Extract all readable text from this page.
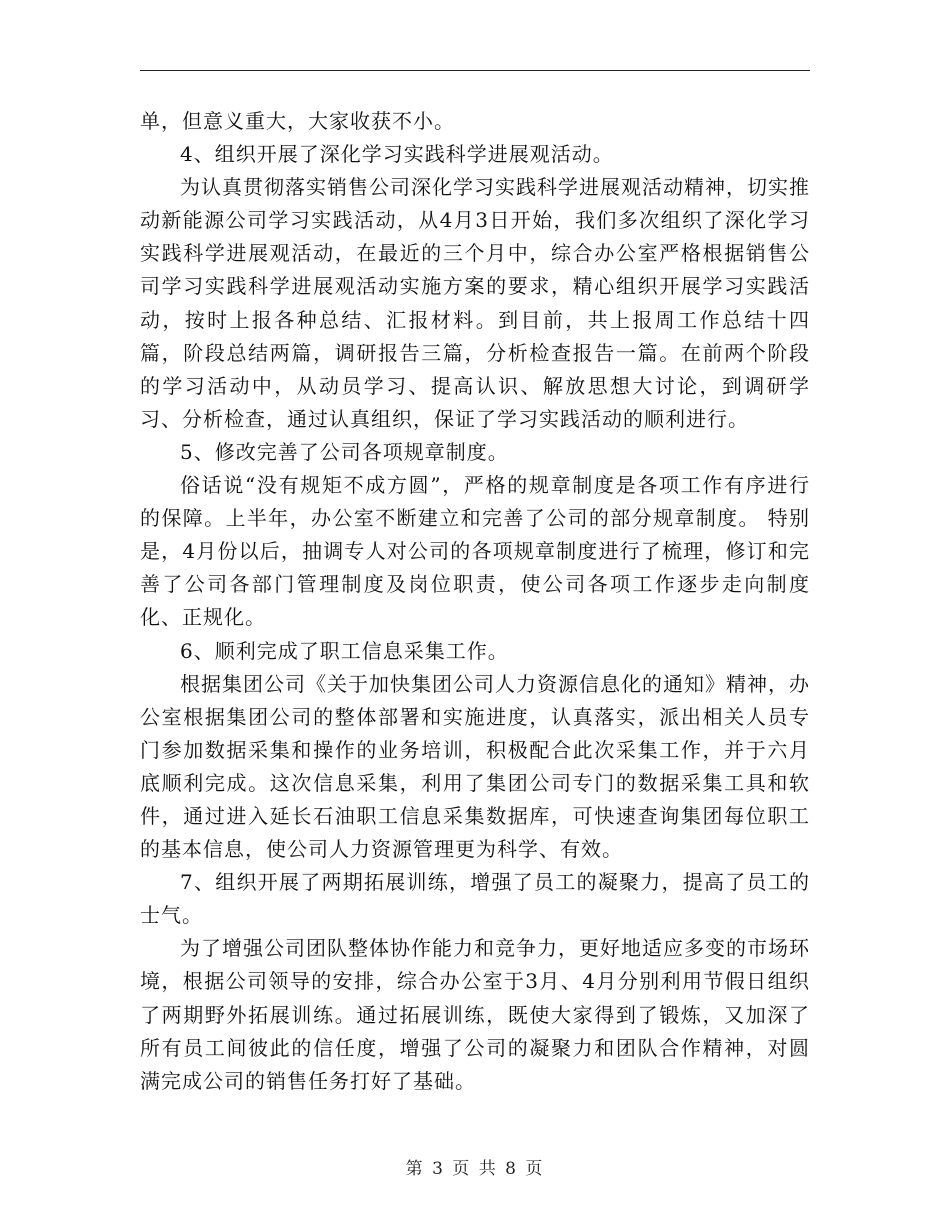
单，但意义重大，大家收获不小。

4、组织开展了深化学习实践科学进展观活动。

为认真贯彻落实销售公司深化学习实践科学进展观活动精神，切实推动新能源公司学习实践活动，从4月3日开始，我们多次组织了深化学习实践科学进展观活动，在最近的三个月中，综合办公室严格根据销售公司学习实践科学进展观活动实施方案的要求，精心组织开展学习实践活动，按时上报各种总结、汇报材料。到目前，共上报周工作总结十四篇，阶段总结两篇，调研报告三篇，分析检查报告一篇。在前两个阶段的学习活动中，从动员学习、提高认识、解放思想大讨论，到调研学习、分析检查，通过认真组织，保证了学习实践活动的顺利进行。

5、修改完善了公司各项规章制度。

俗话说“没有规矩不成方圆”，严格的规章制度是各项工作有序进行的保障。上半年，办公室不断建立和完善了公司的部分规章制度。 特别是，4月份以后，抽调专人对公司的各项规章制度进行了梳理，修订和完善了公司各部门管理制度及岗位职责，使公司各项工作逐步走向制度化、正规化。

6、顺利完成了职工信息采集工作。

根据集团公司《关于加快集团公司人力资源信息化的通知》精神，办公室根据集团公司的整体部署和实施进度，认真落实，派出相关人员专门参加数据采集和操作的业务培训，积极配合此次采集工作，并于六月底顺利完成。这次信息采集，利用了集团公司专门的数据采集工具和软件，通过进入延长石油职工信息采集数据库，可快速查询集团每位职工的基本信息，使公司人力资源管理更为科学、有效。

7、组织开展了两期拓展训练，增强了员工的凝聚力，提高了员工的士气。

为了增强公司团队整体协作能力和竞争力，更好地适应多变的市场环境，根据公司领导的安排，综合办公室于3月、4月分别利用节假日组织了两期野外拓展训练。通过拓展训练，既使大家得到了锻炼，又加深了所有员工间彼此的信任度，增强了公司的凝聚力和团队合作精神，对圆满完成公司的销售任务打好了基础。

第 3 页 共 8 页
